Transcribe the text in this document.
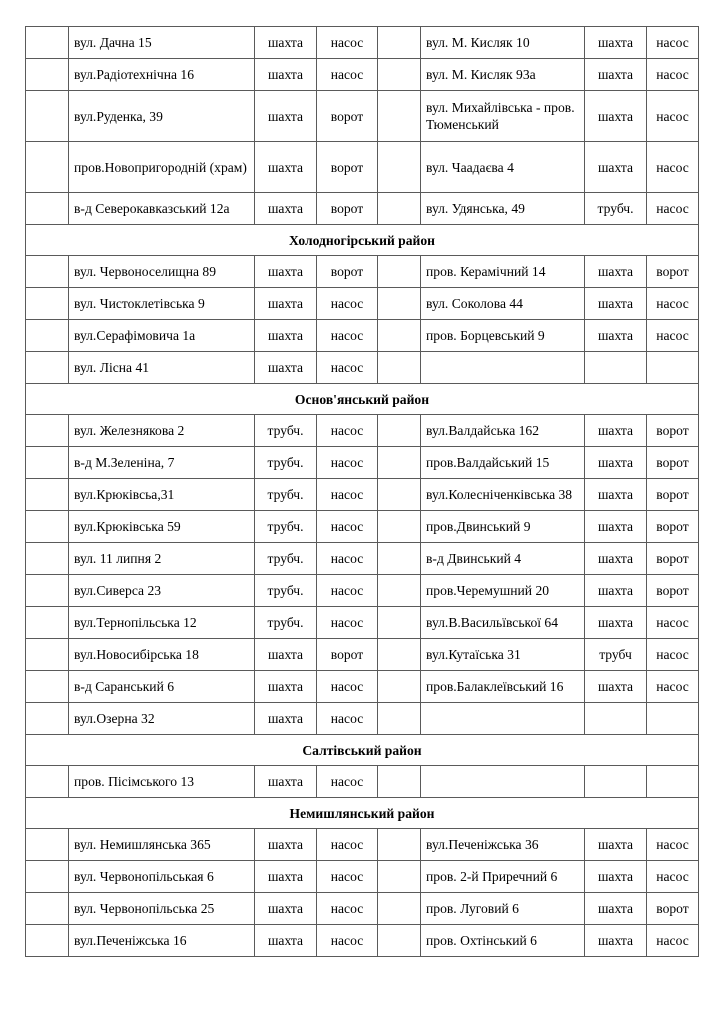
	вул. Дачна 15	шахта	насос		вул. М. Кисляк 10	шахта	насос
	вул.Радіотехнічна 16	шахта	насос		вул. М. Кисляк 93а	шахта	насос
	вул.Руденка, 39	шахта	ворот		вул. Михайлівська - пров. Тюменський	шахта	насос
	пров.Новопригородній (храм)	шахта	ворот		вул. Чаадаєва 4	шахта	насос
	в-д Северокавказський 12а	шахта	ворот		вул. Удянська, 49	трубч.	насос
Холодногірський район							
	вул. Червоноселищна 89	шахта	ворот		пров. Керамічний 14	шахта	ворот
	вул. Чистоклетівська 9	шахта	насос		вул. Соколова 44	шахта	насос
	вул.Серафімовича 1а	шахта	насос		пров. Борцевський 9	шахта	насос
	вул. Лісна 41	шахта	насос				
Основ'янський район							
	вул. Железнякова 2	трубч.	насос		вул.Валдайська 162	шахта	ворот
	в-д М.Зеленіна, 7	трубч.	насос		пров.Валдайський 15	шахта	ворот
	вул.Крюківсьа,31	трубч.	насос		вул.Колесніченківська 38	шахта	ворот
	вул.Крюківська 59	трубч.	насос		пров.Двинський 9	шахта	ворот
	вул. 11 липня 2	трубч.	насос		в-д Двинський 4	шахта	ворот
	вул.Сиверса 23	трубч.	насос		пров.Черемушний 20	шахта	ворот
	вул.Тернопільська 12	трубч.	насос		вул.В.Васильївської 64	шахта	насос
	вул.Новосибірська 18	шахта	ворот		вул.Кутаїська 31	трубч	насос
	в-д Саранський 6	шахта	насос		пров.Балаклеївський 16	шахта	насос
	вул.Озерна 32	шахта	насос				
Салтівський район							
	пров. Пісімського 13	шахта	насос				
Немишлянський район							
	вул. Немишлянська 365	шахта	насос		вул.Печеніжська 36	шахта	насос
	вул. Червонопільськая 6	шахта	насос		пров. 2-й Приречний 6	шахта	насос
	вул. Червонопільська 25	шахта	насос		пров. Луговий 6	шахта	ворот
	вул.Печеніжська 16	шахта	насос		пров. Охтінський 6	шахта	насос
